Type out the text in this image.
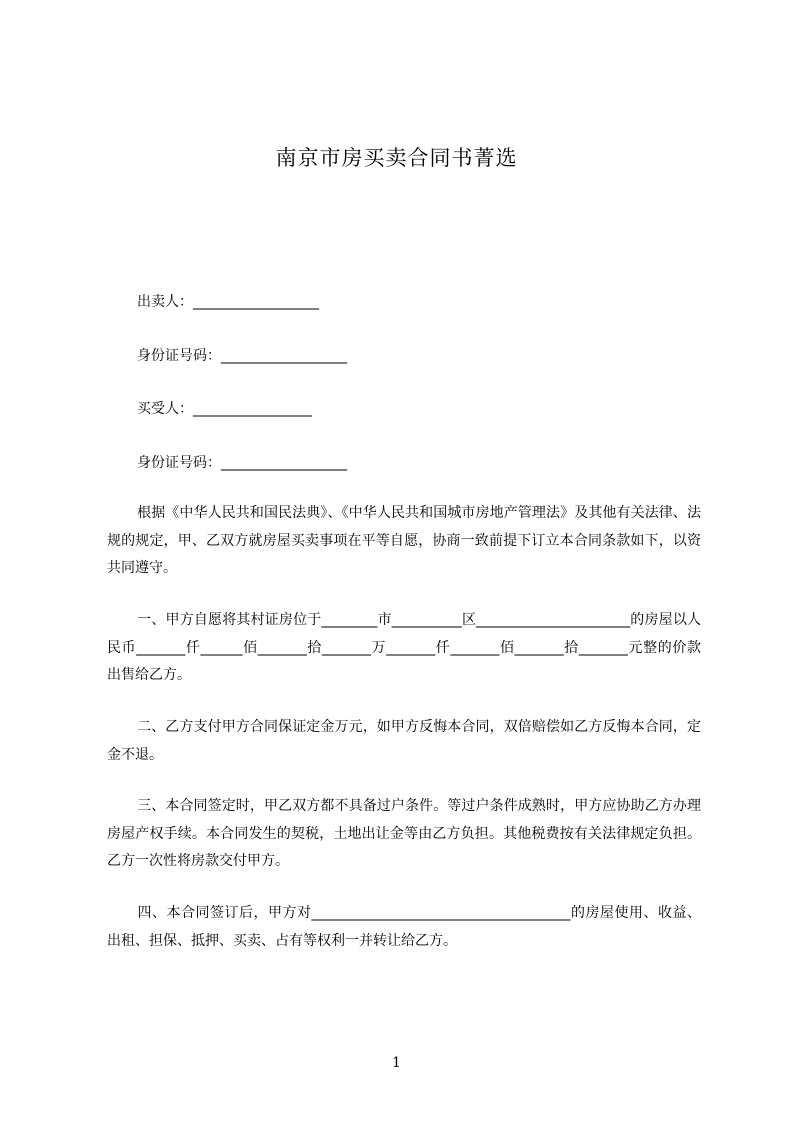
南京市房买卖合同书菁选
出卖人：__________________
身份证号码：__________________
买受人：_________________
身份证号码：__________________
根据《中华人民共和国民法典》、《中华人民共和国城市房地产管理法》及其他有关法律、法规的规定，甲、乙双方就房屋买卖事项在平等自愿，协商一致前提下订立本合同条款如下，以资共同遵守。
一、甲方自愿将其村证房位于________市__________区______________________的房屋以人民币_______仟______佰_______拾_______万_______仟_______佰_______拾_______元整的价款出售给乙方。
二、乙方支付甲方合同保证定金万元，如甲方反悔本合同，双倍赔偿如乙方反悔本合同，定金不退。
三、本合同签定时，甲乙双方都不具备过户条件。等过户条件成熟时，甲方应协助乙方办理房屋产权手续。本合同发生的契税，土地出让金等由乙方负担。其他税费按有关法律规定负担。乙方一次性将房款交付甲方。
四、本合同签订后，甲方对_____________________________________的房屋使用、收益、出租、担保、抵押、买卖、占有等权利一并转让给乙方。
1
